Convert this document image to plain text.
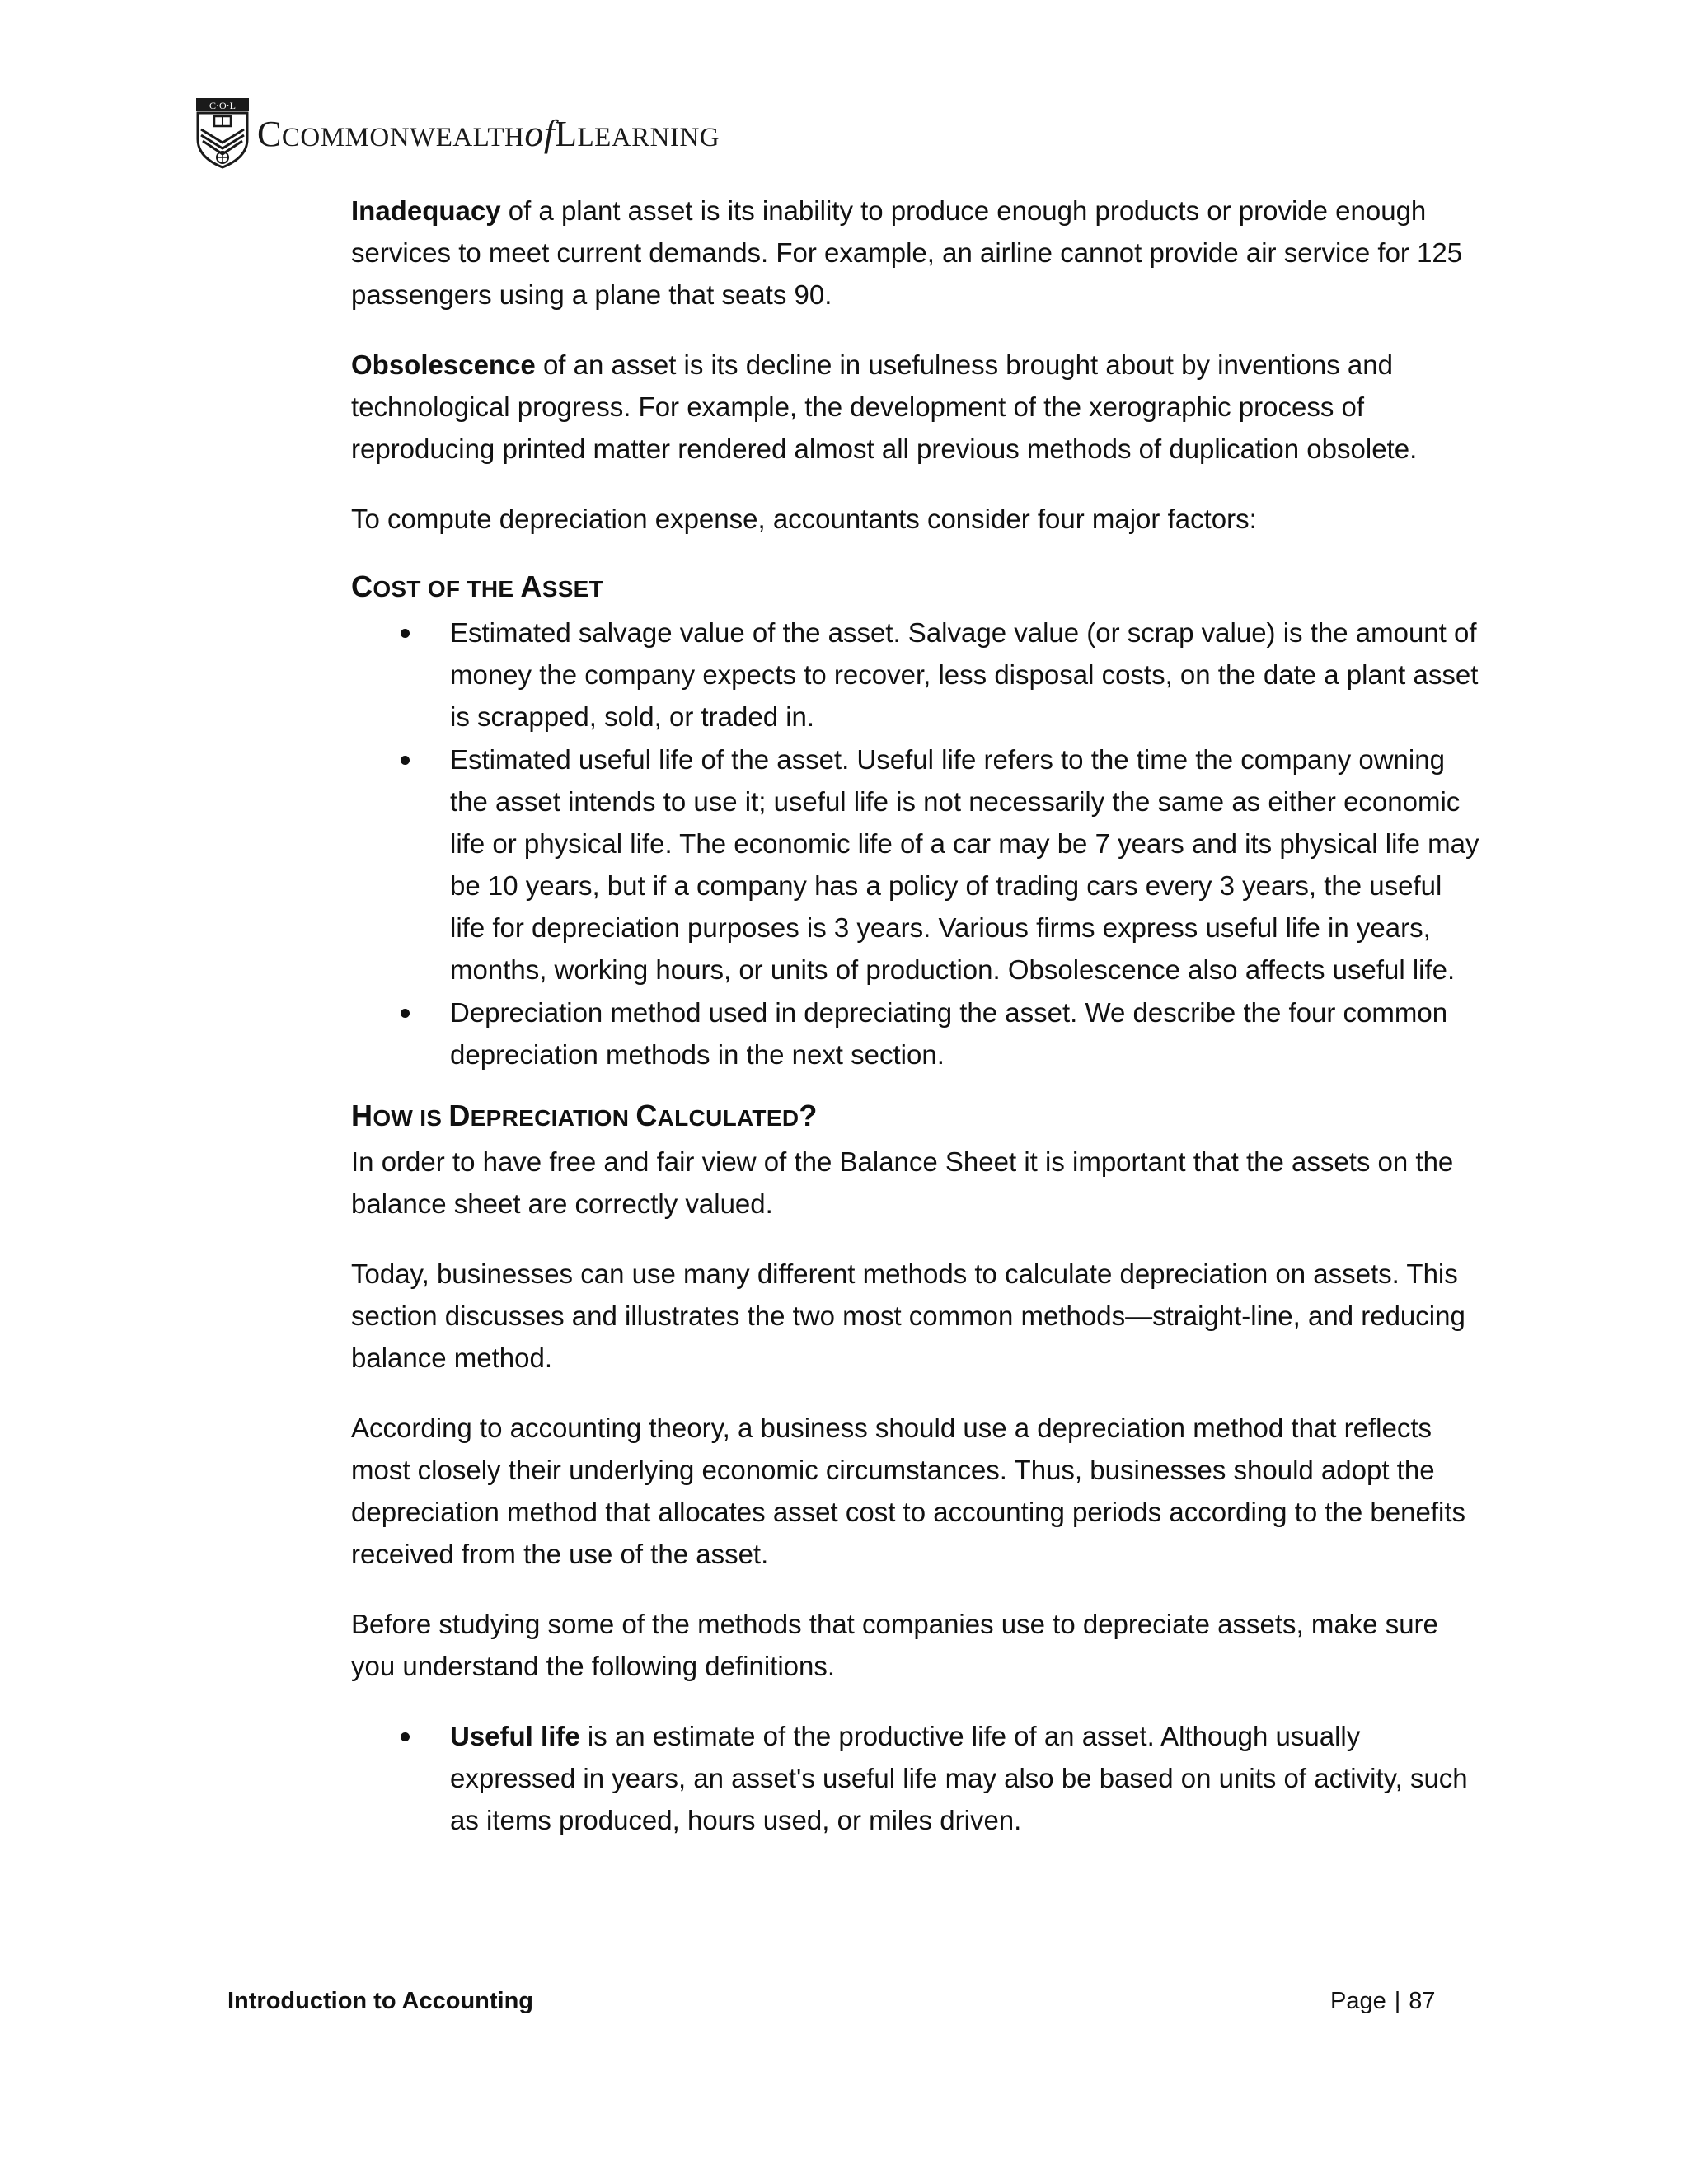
C·O·L
CCOMMONWEALTHofLLEARNING

Inadequacy of a plant asset is its inability to produce enough products or provide enough services to meet current demands. For example, an airline cannot provide air service for 125 passengers using a plane that seats 90.

Obsolescence of an asset is its decline in usefulness brought about by inventions and technological progress. For example, the development of the xerographic process of reproducing printed matter rendered almost all previous methods of duplication obsolete.

To compute depreciation expense, accountants consider four major factors:

COST OF THE ASSET
Estimated salvage value of the asset. Salvage value (or scrap value) is the amount of money the company expects to recover, less disposal costs, on the date a plant asset is scrapped, sold, or traded in.
Estimated useful life of the asset. Useful life refers to the time the company owning the asset intends to use it; useful life is not necessarily the same as either economic life or physical life. The economic life of a car may be 7 years and its physical life may be 10 years, but if a company has a policy of trading cars every 3 years, the useful life for depreciation purposes is 3 years. Various firms express useful life in years, months, working hours, or units of production. Obsolescence also affects useful life.
Depreciation method used in depreciating the asset. We describe the four common depreciation methods in the next section.
HOW IS DEPRECIATION CALCULATED?

In order to have free and fair view of the Balance Sheet it is important that the assets on the balance sheet are correctly valued.

Today, businesses can use many different methods to calculate depreciation on assets. This section discusses and illustrates the two most common methods—straight-line, and reducing balance method.

According to accounting theory, a business should use a depreciation method that reflects most closely their underlying economic circumstances. Thus, businesses should adopt the depreciation method that allocates asset cost to accounting periods according to the benefits received from the use of the asset.

Before studying some of the methods that companies use to depreciate assets, make sure you understand the following definitions.

Useful life is an estimate of the productive life of an asset. Although usually expressed in years, an asset's useful life may also be based on units of activity, such as items produced, hours used, or miles driven.
Introduction to Accounting	Page | 87
